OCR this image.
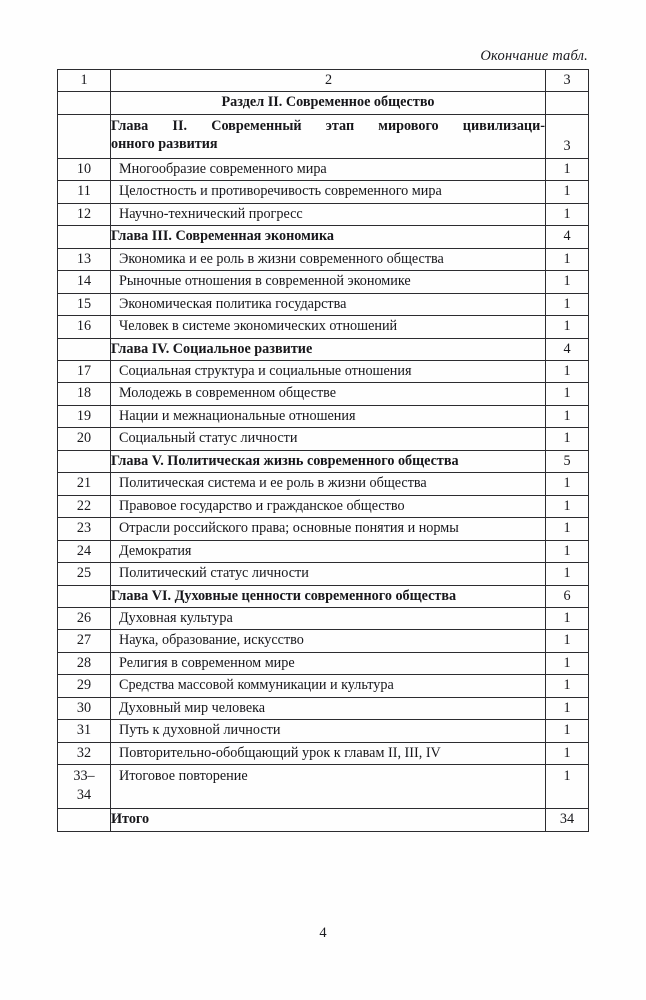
Окончание табл.
1	2	3
	Раздел II. Современное общество	

	Глава II. Современный этап мирового цивилизаци-
онного развития	3
10	Многообразие современного мира	1
11	Целостность и противоречивость современного мира	1
12	Научно-технический прогресс	1
	Глава III. Современная экономика	4
13	Экономика и ее роль в жизни современного общества	1
14	Рыночные отношения в современной экономике	1
15	Экономическая политика государства	1
16	Человек в системе экономических отношений	1
	Глава IV. Социальное развитие	4
17	Социальная структура и социальные отношения	1
18	Молодежь в современном обществе	1
19	Нации и межнациональные отношения	1
20	Социальный статус личности	1
	Глава V. Политическая жизнь современного общества	5
21	Политическая система и ее роль в жизни общества	1
22	Правовое государство и гражданское общество	1
23	Отрасли российского права; основные понятия и нормы	1
24	Демократия	1
25	Политический статус личности	1
	Глава VI. Духовные ценности современного общества	6
26	Духовная культура	1
27	Наука, образование, искусство	1
28	Религия в современном мире	1
29	Средства массовой коммуникации и культура	1
30	Духовный мир человека	1
31	Путь к духовной личности	1
32	Повторительно-обобщающий урок к главам II, III, IV	1

33–
34	Итоговое повторение	1
	Итого	34
4
